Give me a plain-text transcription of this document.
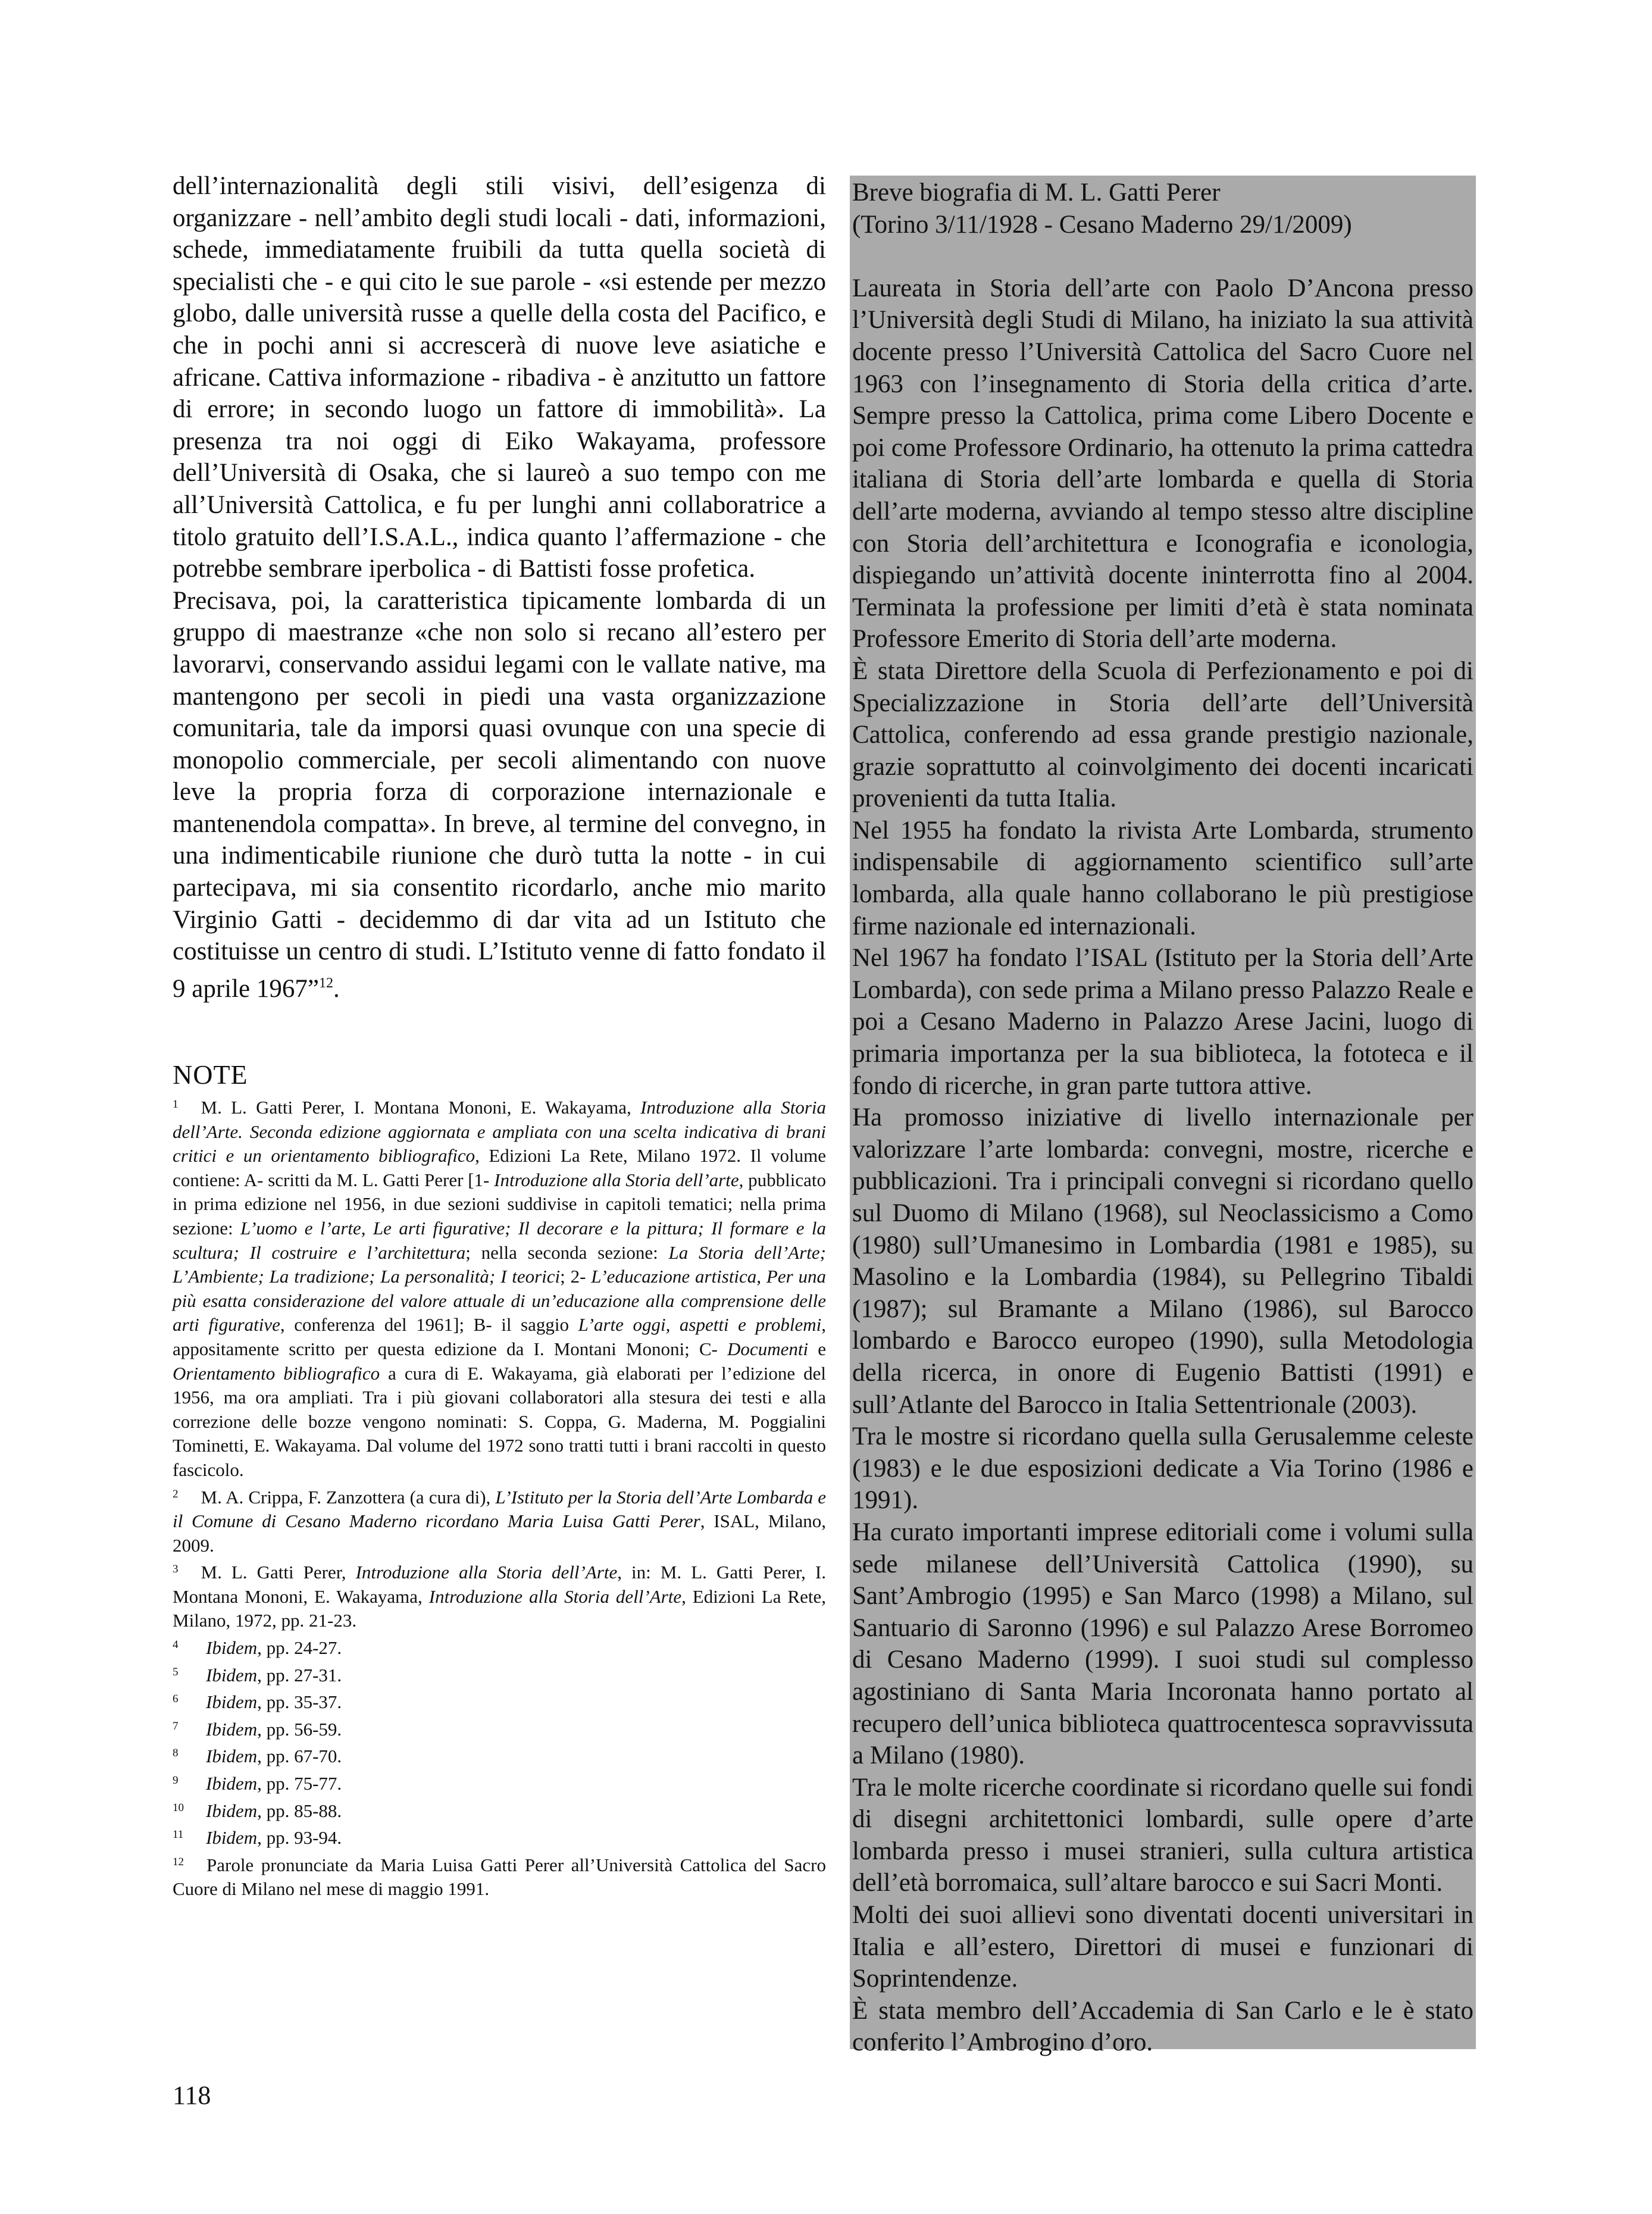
dell’internazionalità degli stili visivi, dell’esigenza di organizzare - nell’ambito degli studi locali - dati, informazioni, schede, immediatamente fruibili da tutta quella società di specialisti che - e qui cito le sue parole - «si estende per mezzo globo, dalle università russe a quelle della costa del Pacifico, e che in pochi anni si accrescerà di nuove leve asiatiche e africane. Cattiva informazione - ribadiva - è anzitutto un fattore di errore; in secondo luogo un fattore di immobilità». La presenza tra noi oggi di Eiko Wakayama, professore dell’Università di Osaka, che si laureò a suo tempo con me all’Università Cattolica, e fu per lunghi anni collaboratrice a titolo gratuito dell’I.S.A.L., indica quanto l’affermazione - che potrebbe sembrare iperbolica - di Battisti fosse profetica.

Precisava, poi, la caratteristica tipicamente lombarda di un gruppo di maestranze «che non solo si recano all’estero per lavorarvi, conservando assidui legami con le vallate native, ma mantengono per secoli in piedi una vasta organizzazione comunitaria, tale da imporsi quasi ovunque con una specie di monopolio commerciale, per secoli alimentando con nuove leve la propria forza di corporazione internazionale e mantenendola compatta». In breve, al termine del convegno, in una indimenticabile riunione che durò tutta la notte - in cui partecipava, mi sia consentito ricordarlo, anche mio marito Virginio Gatti - decidemmo di dar vita ad un Istituto che costituisse un centro di studi. L’Istituto venne di fatto fondato il 9 aprile 1967”$^{12}$.

NOTE

$^1$ M. L. Gatti Perer, I. Montana Mononi, E. Wakayama, Introduzione alla Storia dell’Arte. Seconda edizione aggiornata e ampliata con una scelta indicativa di brani critici e un orientamento bibliografico, Edizioni La Rete, Milano 1972. Il volume contiene: A- scritti da M. L. Gatti Perer [1- Introduzione alla Storia dell’arte, pubblicato in prima edizione nel 1956, in due sezioni suddivise in capitoli tematici; nella prima sezione: L’uomo e l’arte, Le arti figurative; Il decorare e la pittura; Il formare e la scultura; Il costruire e l’architettura; nella seconda sezione: La Storia dell’Arte; L’Ambiente; La tradizione; La personalità; I teorici; 2- L’educazione artistica, Per una più esatta considerazione del valore attuale di un’educazione alla comprensione delle arti figurative, conferenza del 1961]; B- il saggio L’arte oggi, aspetti e problemi, appositamente scritto per questa edizione da I. Montani Mononi; C- Documenti e Orientamento bibliografico a cura di E. Wakayama, già elaborati per l’edizione del 1956, ma ora ampliati. Tra i più giovani collaboratori alla stesura dei testi e alla correzione delle bozze vengono nominati: S. Coppa, G. Maderna, M. Poggialini Tominetti, E. Wakayama. Dal volume del 1972 sono tratti tutti i brani raccolti in questo fascicolo.

$^2$ M. A. Crippa, F. Zanzottera (a cura di), L’Istituto per la Storia dell’Arte Lombarda e il Comune di Cesano Maderno ricordano Maria Luisa Gatti Perer, ISAL, Milano, 2009.

$^3$ M. L. Gatti Perer, Introduzione alla Storia dell’Arte, in: M. L. Gatti Perer, I. Montana Mononi, E. Wakayama, Introduzione alla Storia dell’Arte, Edizioni La Rete, Milano, 1972, pp. 21-23.

$^4$ Ibidem, pp. 24-27.

$^5$ Ibidem, pp. 27-31.

$^6$ Ibidem, pp. 35-37.

$^7$ Ibidem, pp. 56-59.

$^8$ Ibidem, pp. 67-70.

$^9$ Ibidem, pp. 75-77.

$^{10}$ Ibidem, pp. 85-88.

$^{11}$ Ibidem, pp. 93-94.

$^{12}$ Parole pronunciate da Maria Luisa Gatti Perer all’Università Cattolica del Sacro Cuore di Milano nel mese di maggio 1991.

118
Breve biografia di M. L. Gatti Perer
(Torino 3/11/1928 - Cesano Maderno 29/1/2009)

Laureata in Storia dell’arte con Paolo D’Ancona presso l’Università degli Studi di Milano, ha iniziato la sua attività docente presso l’Università Cattolica del Sacro Cuore nel 1963 con l’insegnamento di Storia della critica d’arte. Sempre presso la Cattolica, prima come Libero Docente e poi come Professore Ordinario, ha ottenuto la prima cattedra italiana di Storia dell’arte lombarda e quella di Storia dell’arte moderna, avviando al tempo stesso altre discipline con Storia dell’architettura e Iconografia e iconologia, dispiegando un’attività docente ininterrotta fino al 2004. Terminata la professione per limiti d’età è stata nominata Professore Emerito di Storia dell’arte moderna.

È stata Direttore della Scuola di Perfezionamento e poi di Specializzazione in Storia dell’arte dell’Università Cattolica, conferendo ad essa grande prestigio nazionale, grazie soprattutto al coinvolgimento dei docenti incaricati provenienti da tutta Italia.

Nel 1955 ha fondato la rivista Arte Lombarda, strumento indispensabile di aggiornamento scientifico sull’arte lombarda, alla quale hanno collaborano le più prestigiose firme nazionale ed internazionali.

Nel 1967 ha fondato l’ISAL (Istituto per la Storia dell’Arte Lombarda), con sede prima a Milano presso Palazzo Reale e poi a Cesano Maderno in Palazzo Arese Jacini, luogo di primaria importanza per la sua biblioteca, la fototeca e il fondo di ricerche, in gran parte tuttora attive.

Ha promosso iniziative di livello internazionale per valorizzare l’arte lombarda: convegni, mostre, ricerche e pubblicazioni. Tra i principali convegni si ricordano quello sul Duomo di Milano (1968), sul Neoclassicismo a Como (1980) sull’Umanesimo in Lombardia (1981 e 1985), su Masolino e la Lombardia (1984), su Pellegrino Tibaldi (1987); sul Bramante a Milano (1986), sul Barocco lombardo e Barocco europeo (1990), sulla Metodologia della ricerca, in onore di Eugenio Battisti (1991) e sull’Atlante del Barocco in Italia Settentrionale (2003).

Tra le mostre si ricordano quella sulla Gerusalemme celeste (1983) e le due esposizioni dedicate a Via Torino (1986 e 1991).

Ha curato importanti imprese editoriali come i volumi sulla sede milanese dell’Università Cattolica (1990), su Sant’Ambrogio (1995) e San Marco (1998) a Milano, sul Santuario di Saronno (1996) e sul Palazzo Arese Borromeo di Cesano Maderno (1999). I suoi studi sul complesso agostiniano di Santa Maria Incoronata hanno portato al recupero dell’unica biblioteca quattrocentesca sopravvissuta a Milano (1980).

Tra le molte ricerche coordinate si ricordano quelle sui fondi di disegni architettonici lombardi, sulle opere d’arte lombarda presso i musei stranieri, sulla cultura artistica dell’età borromaica, sull’altare barocco e sui Sacri Monti.

Molti dei suoi allievi sono diventati docenti universitari in Italia e all’estero, Direttori di musei e funzionari di Soprintendenze.

È stata membro dell’Accademia di San Carlo e le è stato conferito l’Ambrogino d’oro.
